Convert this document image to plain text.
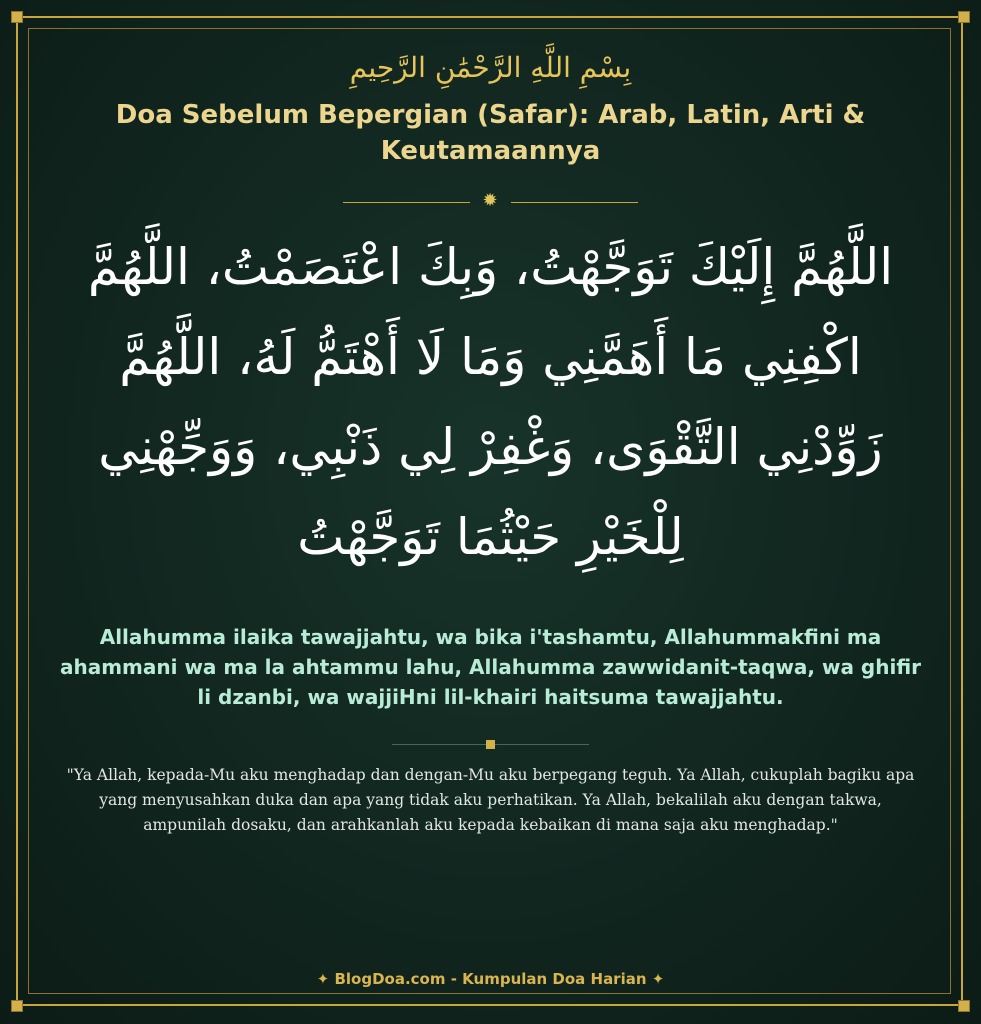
بِسْمِ اللَّهِ الرَّحْمَٰنِ الرَّحِيمِ
Doa Sebelum Bepergian (Safar): Arab, Latin, Arti & Keutamaannya
✹
اللَّهُمَّ إِلَيْكَ تَوَجَّهْتُ، وَبِكَ اعْتَصَمْتُ، اللَّهُمَّ اكْفِنِي مَا أَهَمَّنِي وَمَا لَا أَهْتَمُّ لَهُ، اللَّهُمَّ زَوِّدْنِي التَّقْوَى، وَغْفِرْ لِي ذَنْبِي، وَوَجِّهْنِي لِلْخَيْرِ حَيْثُمَا تَوَجَّهْتُ
Allahumma ilaika tawajjahtu, wa bika i'tashamtu, Allahummakfini ma ahammani wa ma la ahtammu lahu, Allahumma zawwidanit-taqwa, wa ghifir li dzanbi, wa wajjiHni lil-khairi haitsuma tawajjahtu.
"Ya Allah, kepada-Mu aku menghadap dan dengan-Mu aku berpegang teguh. Ya Allah, cukuplah bagiku apa yang menyusahkan duka dan apa yang tidak aku perhatikan. Ya Allah, bekalilah aku dengan takwa, ampunilah dosaku, dan arahkanlah aku kepada kebaikan di mana saja aku menghadap."
✦ BlogDoa.com - Kumpulan Doa Harian ✦
